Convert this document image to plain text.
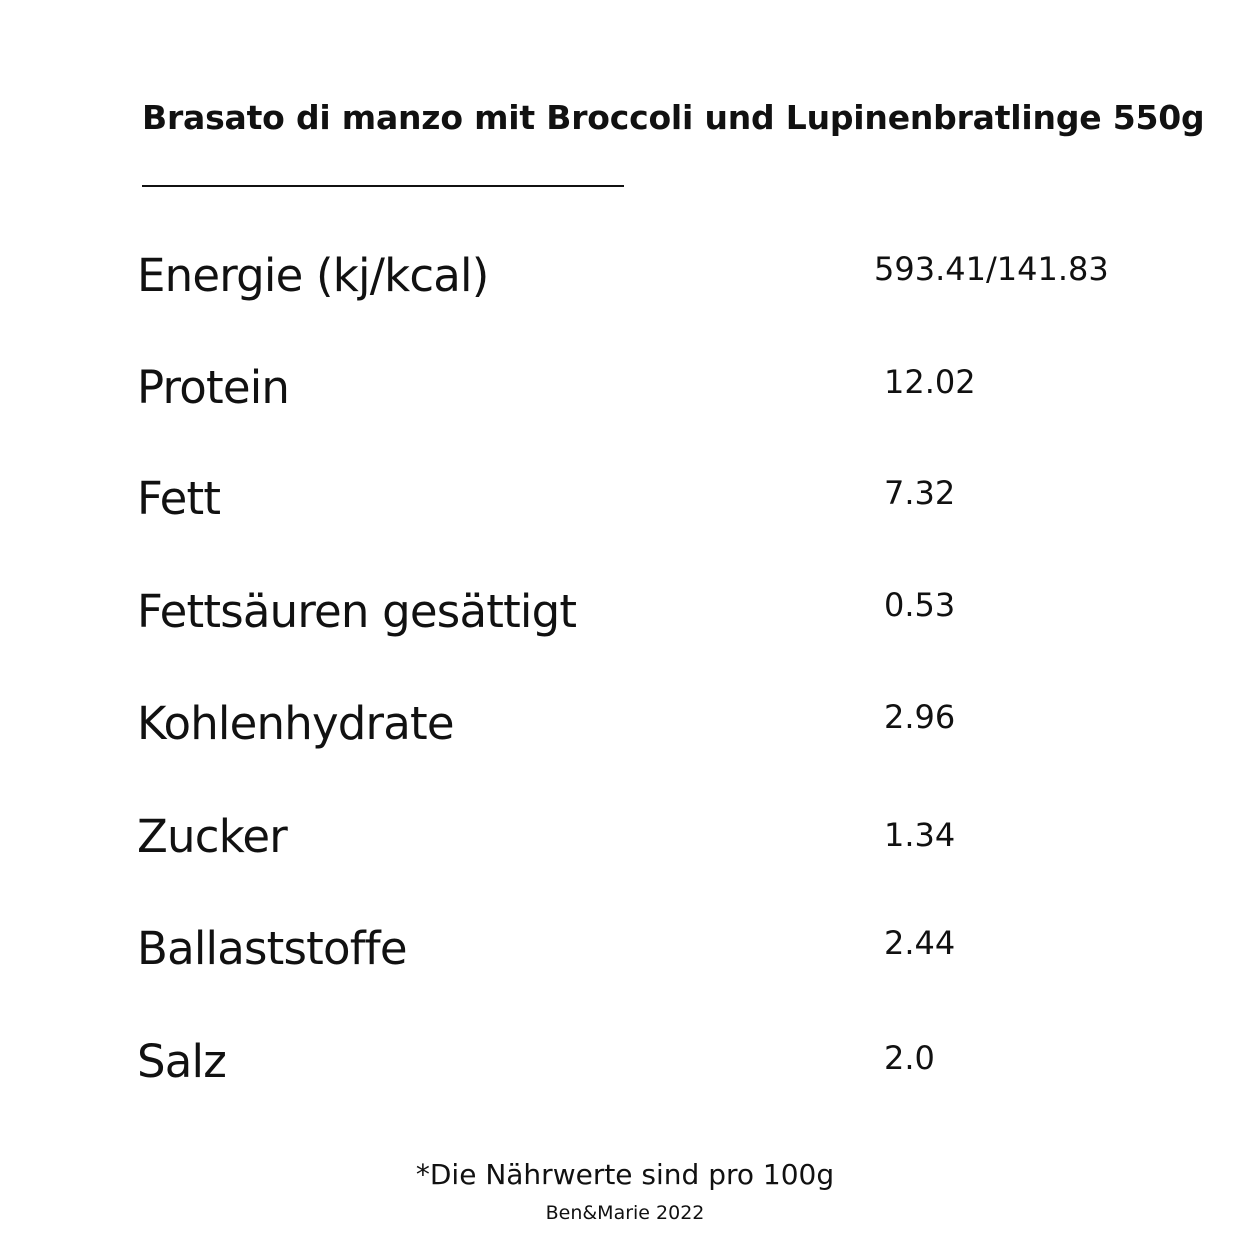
Brasato di manzo mit Broccoli und Lupinenbratlinge 550g
Energie (kj/kcal)	593.41/141.83
Protein	12.02
Fett	7.32
Fettsäuren gesättigt	0.53
Kohlenhydrate	2.96
Zucker	1.34
Ballaststoffe	2.44
Salz	2.0
*Die Nährwerte sind pro 100g
Ben&Marie 2022
